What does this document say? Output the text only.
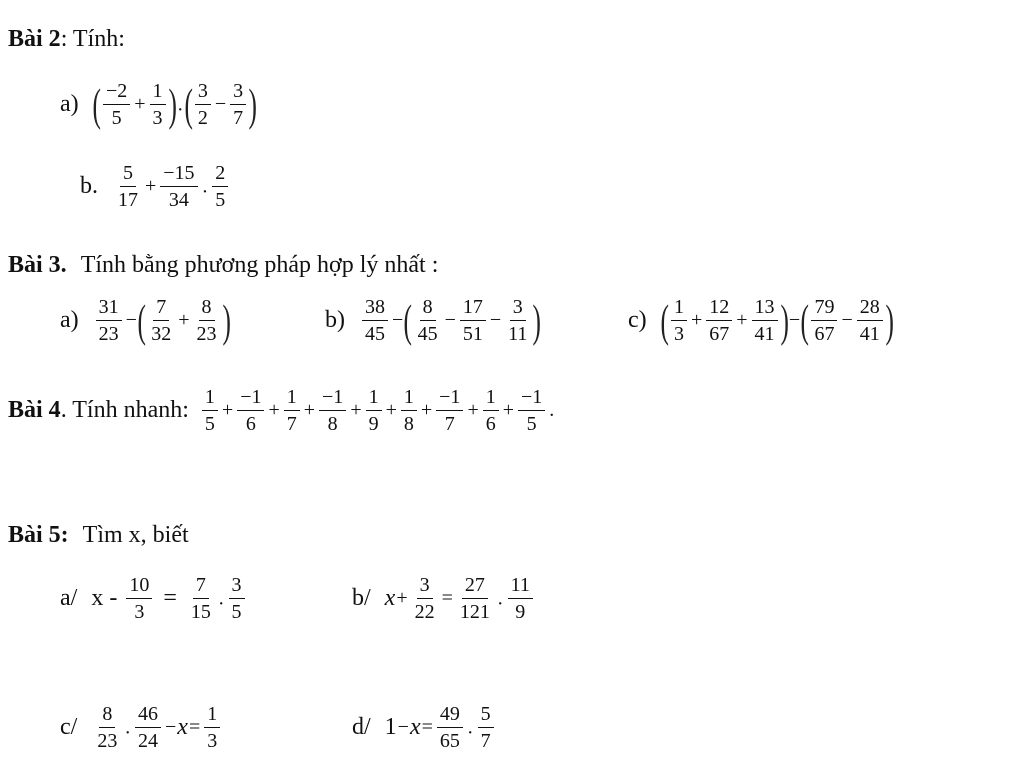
Bài 2 : Tính:
a) ( $\frac{-2}{5} + \frac{1}{3}$ ) · ( $\frac{3}{2} - \frac{3}{7}$ )
b. $\frac{5}{17} + \frac{-15}{34} \cdot \frac{2}{5}$
Bài 3. Tính bằng phương pháp hợp lý nhất :
$a) \frac{31}{23}$ − ( $\frac{7}{32} + \frac{8}{23}$ )	$b) \frac{38}{45}$ − ( $\frac{8}{45} - \frac{17}{51} - \frac{3}{11}$ )	c) ( $\frac{1}{3} + \frac{12}{67} + \frac{13}{41}$ ) − ( $\frac{79}{67} - \frac{28}{41}$ )
Bài 4 . Tính nhanh: $\frac{1}{5} + \frac{-1}{6} + \frac{1}{7} + \frac{-1}{8} + \frac{1}{9} + \frac{1}{8} + \frac{-1}{7} + \frac{1}{6} + \frac{-1}{5}$ .
Bài 5: Tìm x, biết
a/ $x - \frac{10}{3} = \frac{7}{15} \cdot \frac{3}{5}$	b/ $x + \frac{3}{22} = \frac{27}{121} \cdot \frac{11}{9}$
$c/ \frac{8}{23} \cdot \frac{46}{24} - x = \frac{1}{3}$	d/ $1 - x = \frac{49}{65} \cdot \frac{5}{7}$
